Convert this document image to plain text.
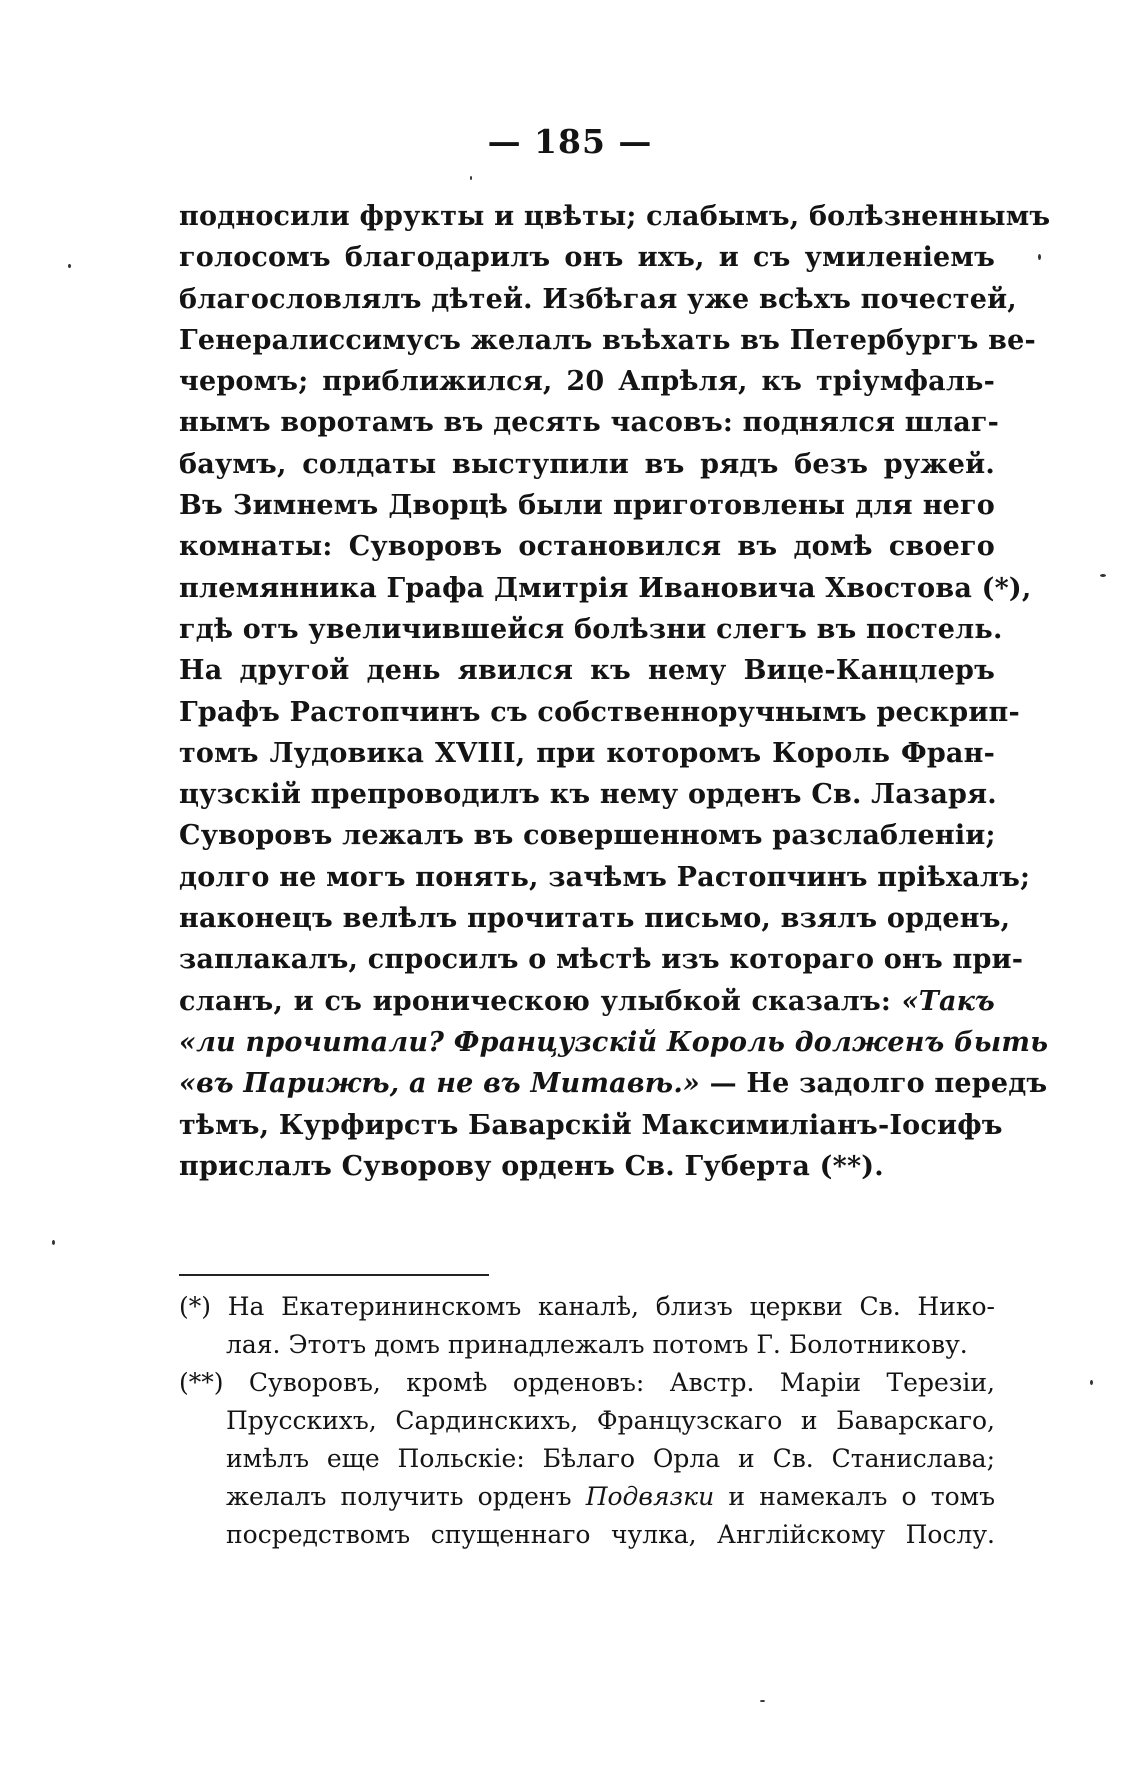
— 185 —
подносили фрукты и цвѣты; слабымъ, болѣзненнымъ
голосомъ благодарилъ онъ ихъ, и съ умиленіемъ
благословлялъ дѣтей. Избѣгая уже всѣхъ почестей,
Генералиссимусъ желалъ въѣхать въ Петербургъ ве-
черомъ; приближился, 20 Апрѣля, къ тріумфаль-
нымъ воротамъ въ десять часовъ: поднялся шлаг-
баумъ, солдаты выступили въ рядъ безъ ружей.
Въ Зимнемъ Дворцѣ были приготовлены для него
комнаты: Суворовъ остановился въ домѣ своего
племянника Графа Дмитрія Ивановича Хвостова (*),
гдѣ отъ увеличившейся болѣзни слегъ въ постель.
На другой день явился къ нему Вице-Канцлеръ
Графъ Растопчинъ съ собственноручнымъ рескрип-
томъ Лудовика XVIII, при которомъ Король Фран-
цузскій препроводилъ къ нему орденъ Св. Лазаря.
Суворовъ лежалъ въ совершенномъ разслабленіи;
долго не могъ понять, зачѣмъ Растопчинъ пріѣхалъ;
наконецъ велѣлъ прочитать письмо, взялъ орденъ,
заплакалъ, спросилъ о мѣстѣ изъ котораго онъ при-
сланъ, и съ ироническою улыбкой сказалъ: «Такъ
«ли прочитали? Французскій Король долженъ быть
«въ Парижѣ, а не въ Митавѣ.» — Не задолго передъ
тѣмъ, Курфирстъ Баварскій Максимиліанъ-Іосифъ
прислалъ Суворову орденъ Св. Губерта (**).
(*) На Екатерининскомъ каналѣ, близъ церкви Св. Нико-
лая. Этотъ домъ принадлежалъ потомъ Г. Болотникову.
(**) Суворовъ, кромѣ орденовъ: Австр. Маріи Терезіи,
Прусскихъ, Сардинскихъ, Французскаго и Баварскаго,
имѣлъ еще Польскіе: Бѣлаго Орла и Св. Станислава;
желалъ получить орденъ Подвязки и намекалъ о томъ
посредствомъ спущеннаго чулка, Англійскому Послу.
